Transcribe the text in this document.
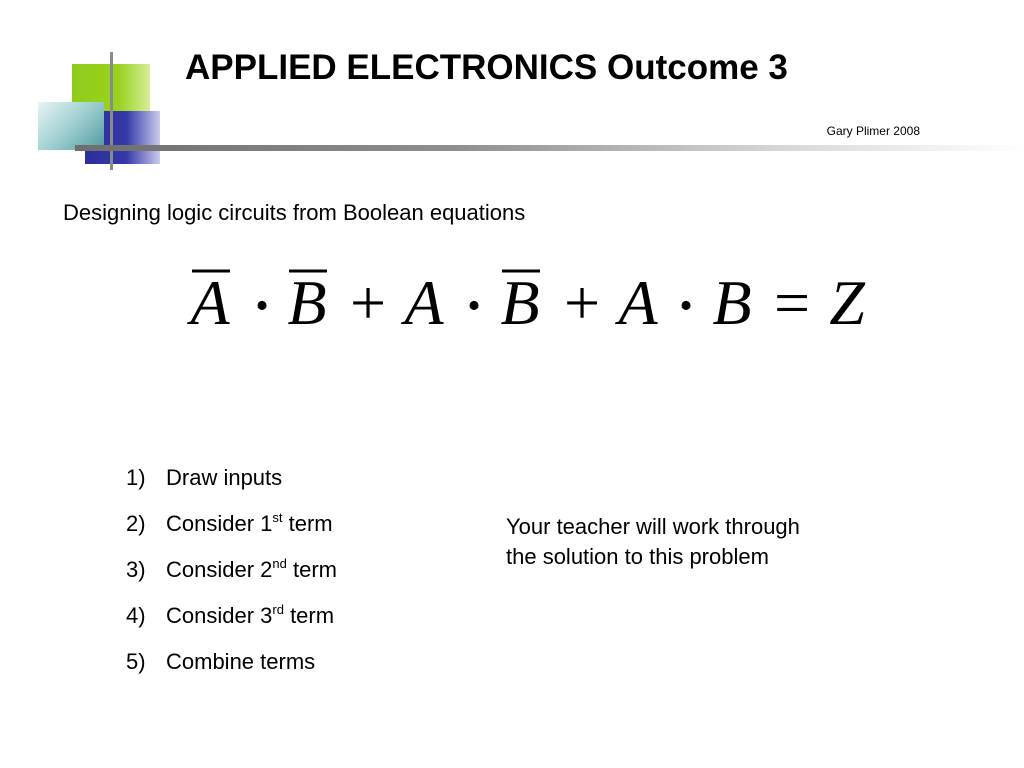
APPLIED ELECTRONICS Outcome 3
Gary Plimer 2008
Designing logic circuits from Boolean equations
A • B + A • B + A • B = Z
1) Draw inputs
2) Consider 1st term
3) Consider 2nd term
4) Consider 3rd term
5) Combine terms
Your teacher will work through
the solution to this problem
